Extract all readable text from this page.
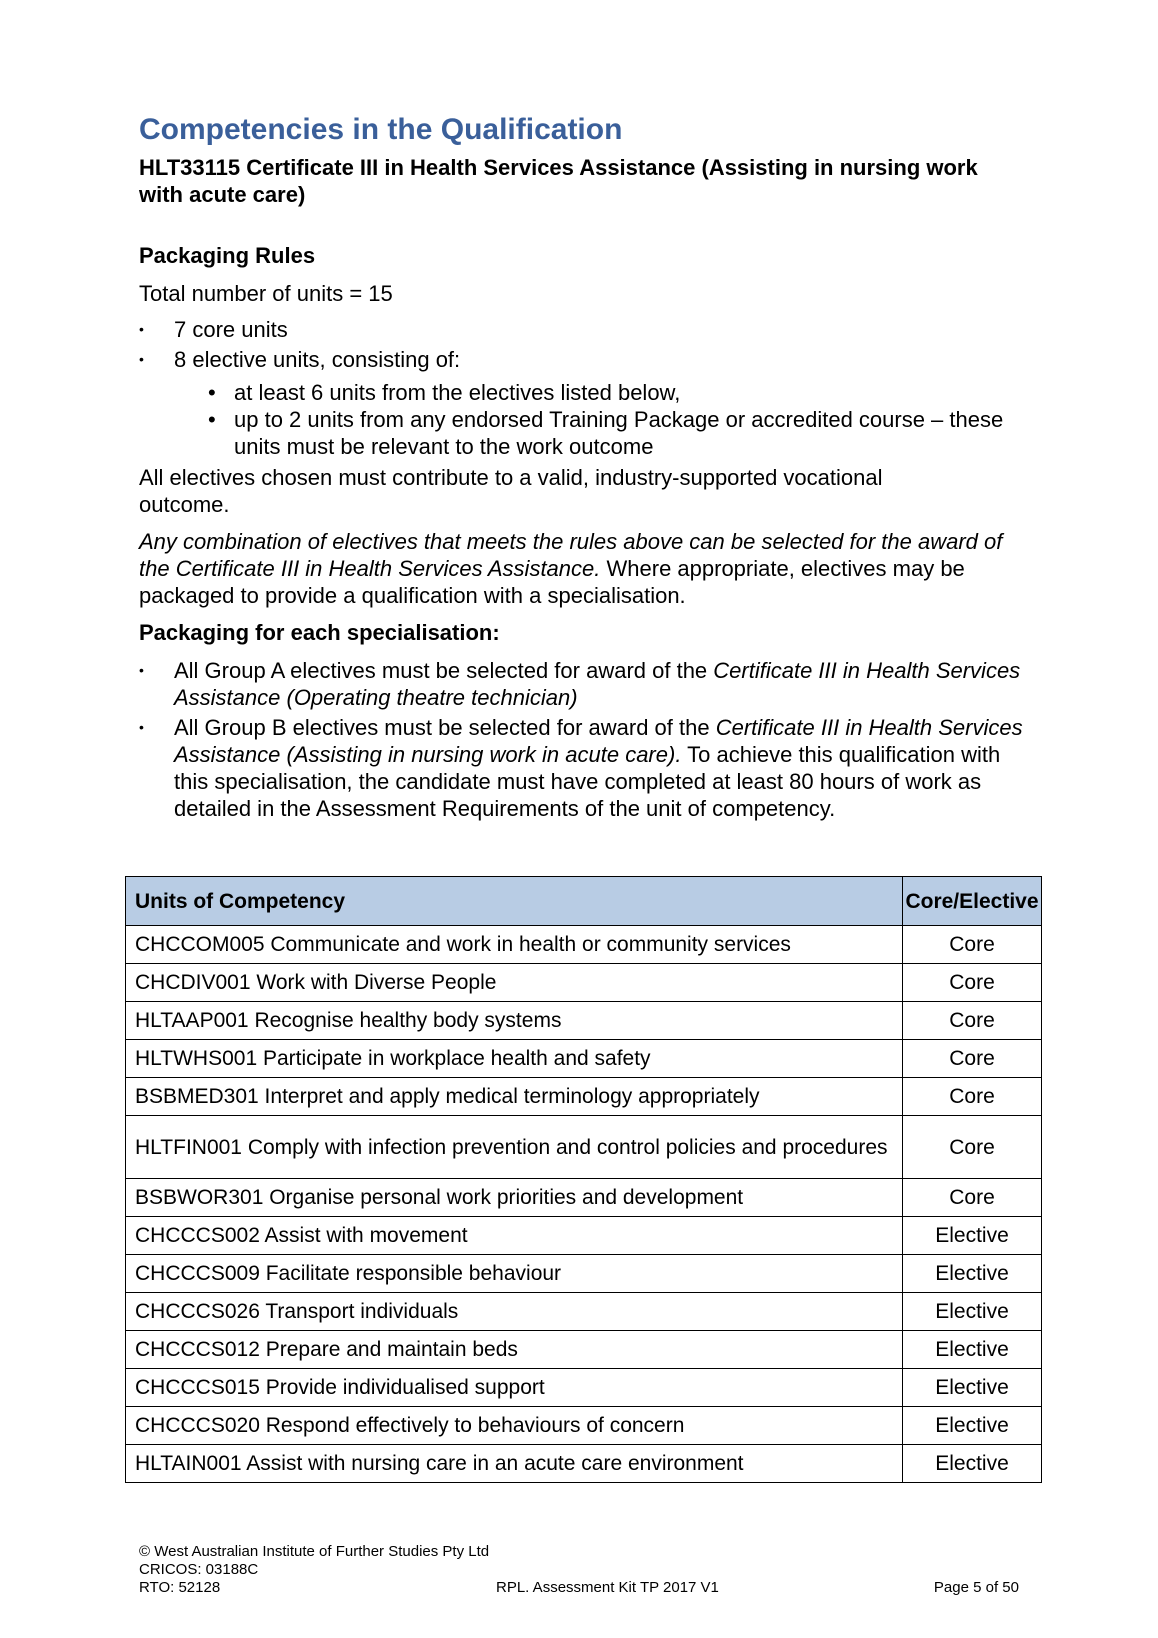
Competencies in the Qualification
HLT33115 Certificate III in Health Services Assistance (Assisting in nursing work with acute care)
Packaging Rules

Total number of units = 15

• 7 core units
• 8 elective units, consisting of:
• at least 6 units from the electives listed below,
• up to 2 units from any endorsed Training Package or accredited course – these units must be relevant to the work outcome

All electives chosen must contribute to a valid, industry-supported vocational outcome.

Any combination of electives that meets the rules above can be selected for the award of the Certificate III in Health Services Assistance. Where appropriate, electives may be packaged to provide a qualification with a specialisation.

Packaging for each specialisation:
• All Group A electives must be selected for award of the Certificate III in Health Services Assistance (Operating theatre technician)
• All Group B electives must be selected for award of the Certificate III in Health Services Assistance (Assisting in nursing work in acute care). To achieve this qualification with this specialisation, the candidate must have completed at least 80 hours of work as detailed in the Assessment Requirements of the unit of competency.
Units of Competency	Core/Elective
CHCCOM005 Communicate and work in health or community services	Core
CHCDIV001 Work with Diverse People	Core
HLTAAP001 Recognise healthy body systems	Core
HLTWHS001 Participate in workplace health and safety	Core
BSBMED301 Interpret and apply medical terminology appropriately	Core
HLTFIN001 Comply with infection prevention and control policies and procedures	Core
BSBWOR301 Organise personal work priorities and development	Core
CHCCCS002 Assist with movement	Elective
CHCCCS009 Facilitate responsible behaviour	Elective
CHCCCS026 Transport individuals	Elective
CHCCCS012 Prepare and maintain beds	Elective
CHCCCS015 Provide individualised support	Elective
CHCCCS020 Respond effectively to behaviours of concern	Elective
HLTAIN001 Assist with nursing care in an acute care environment	Elective
© West Australian Institute of Further Studies Pty Ltd
CRICOS: 03188C
RTO: 52128	RPL. Assessment Kit TP 2017 V1	Page 5 of 50
